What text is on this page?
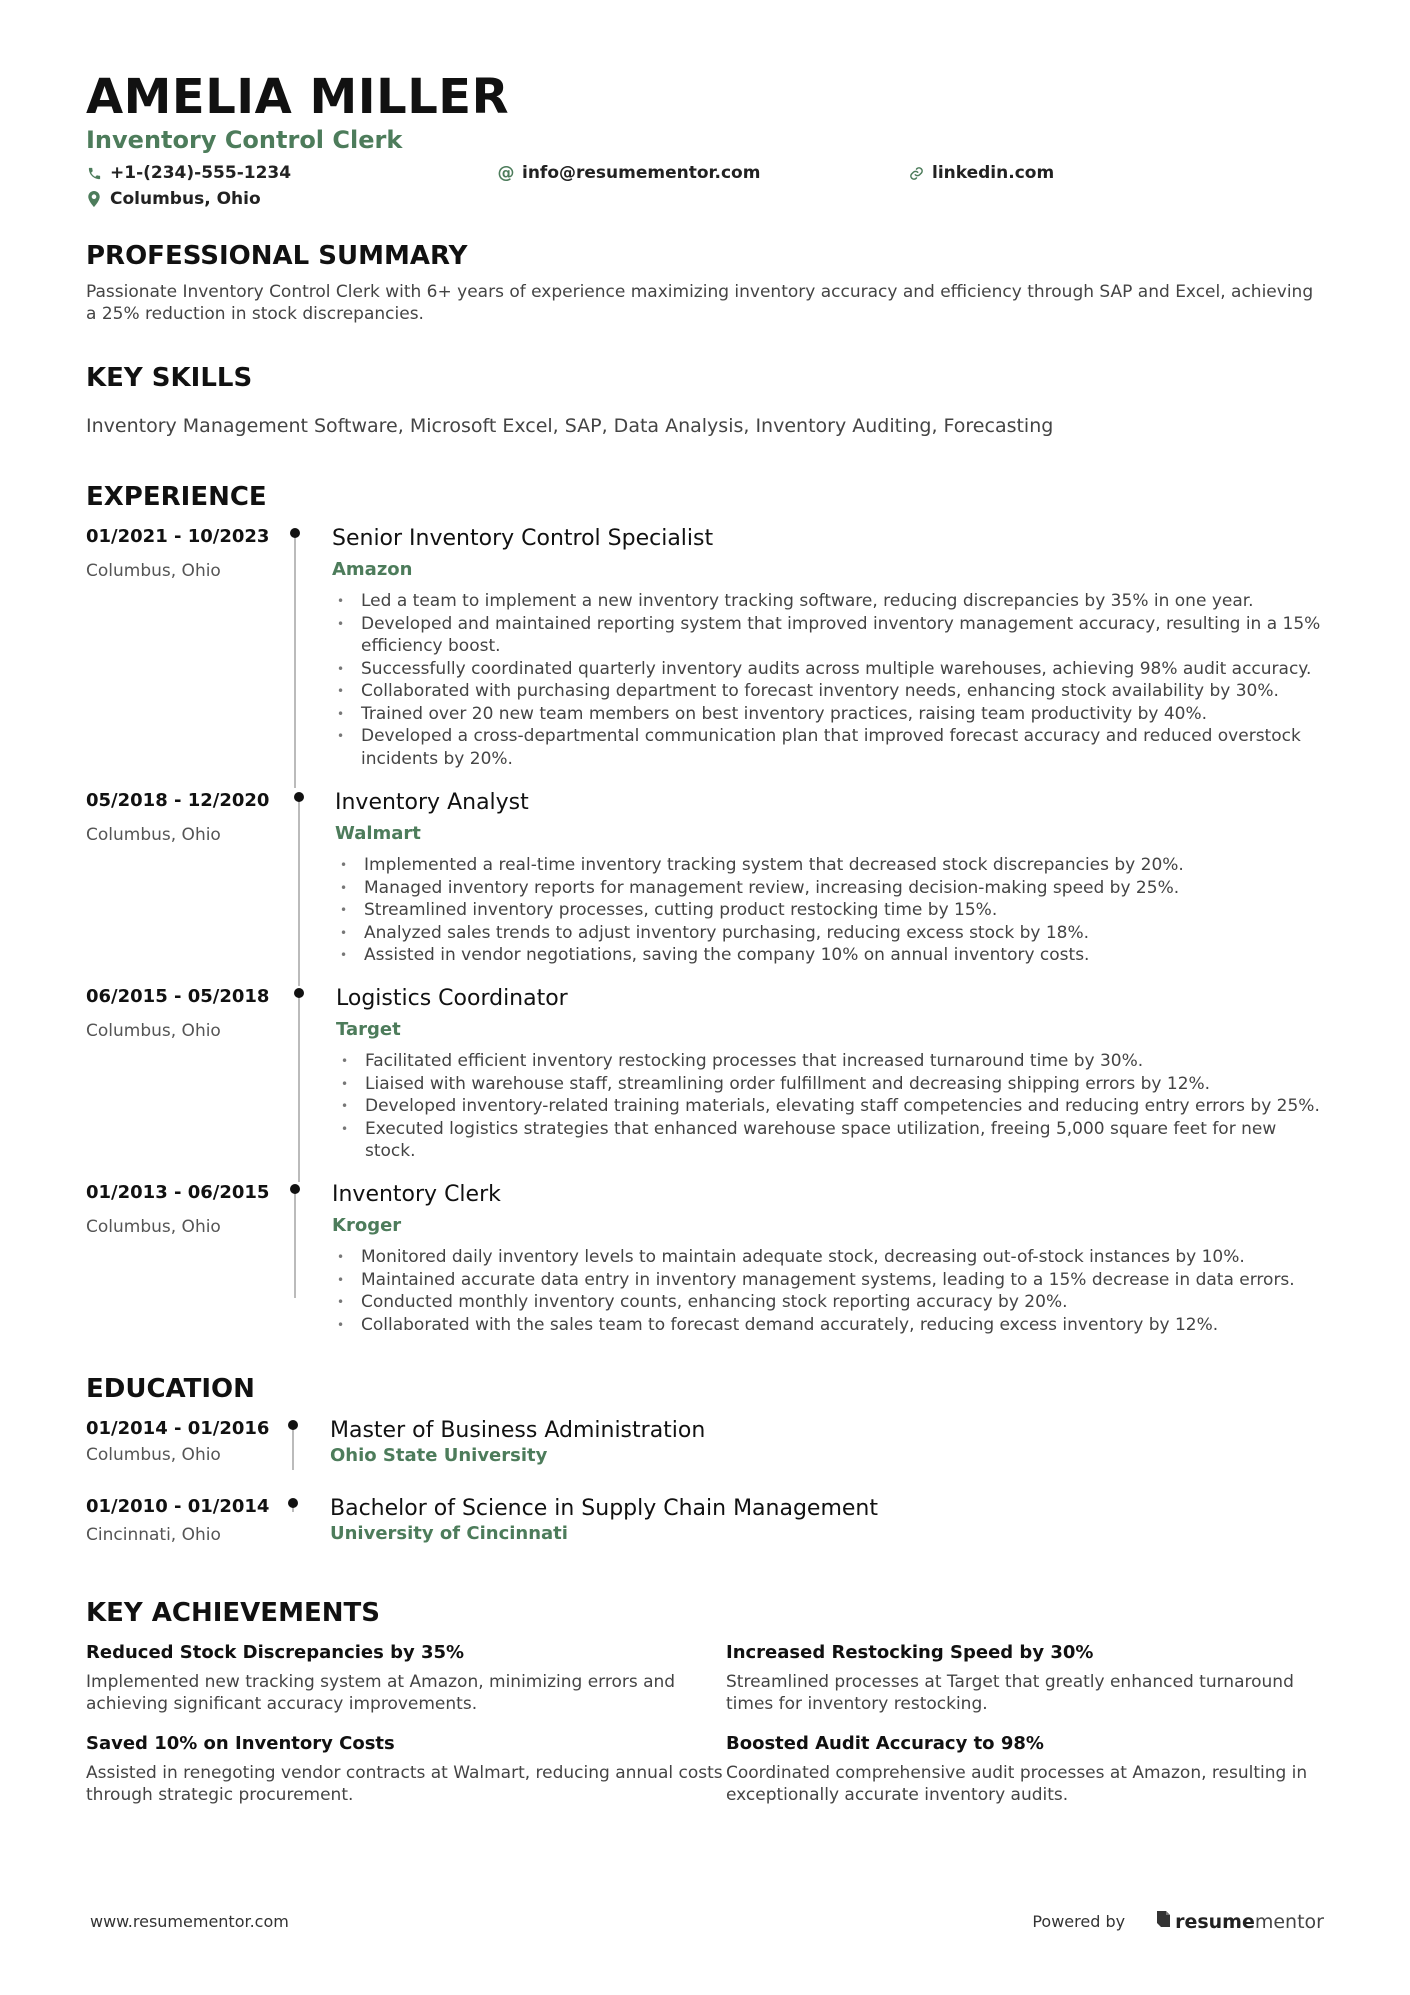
AMELIA MILLER
Inventory Control Clerk
+1-(234)-555-1234	@ info@resumementor.com	linkedin.com
Columbus, Ohio
PROFESSIONAL SUMMARY
Passionate Inventory Control Clerk with 6+ years of experience maximizing inventory accuracy and efficiency through SAP and Excel, achieving a 25% reduction in stock discrepancies.
KEY SKILLS
Inventory Management Software, Microsoft Excel, SAP, Data Analysis, Inventory Auditing, Forecasting
EXPERIENCE
01/2021 - 10/2023
Columbus, Ohio
Senior Inventory Control Specialist
Amazon
• Led a team to implement a new inventory tracking software, reducing discrepancies by 35% in one year.
• Developed and maintained reporting system that improved inventory management accuracy, resulting in a 15% efficiency boost.
• Successfully coordinated quarterly inventory audits across multiple warehouses, achieving 98% audit accuracy.
• Collaborated with purchasing department to forecast inventory needs, enhancing stock availability by 30%.
• Trained over 20 new team members on best inventory practices, raising team productivity by 40%.
• Developed a cross-departmental communication plan that improved forecast accuracy and reduced overstock incidents by 20%.
05/2018 - 12/2020
Columbus, Ohio
Inventory Analyst
Walmart
• Implemented a real-time inventory tracking system that decreased stock discrepancies by 20%.
• Managed inventory reports for management review, increasing decision-making speed by 25%.
• Streamlined inventory processes, cutting product restocking time by 15%.
• Analyzed sales trends to adjust inventory purchasing, reducing excess stock by 18%.
• Assisted in vendor negotiations, saving the company 10% on annual inventory costs.
06/2015 - 05/2018
Columbus, Ohio
Logistics Coordinator
Target
• Facilitated efficient inventory restocking processes that increased turnaround time by 30%.
• Liaised with warehouse staff, streamlining order fulfillment and decreasing shipping errors by 12%.
• Developed inventory-related training materials, elevating staff competencies and reducing entry errors by 25%.
• Executed logistics strategies that enhanced warehouse space utilization, freeing 5,000 square feet for new stock.
01/2013 - 06/2015
Columbus, Ohio
Inventory Clerk
Kroger
• Monitored daily inventory levels to maintain adequate stock, decreasing out-of-stock instances by 10%.
• Maintained accurate data entry in inventory management systems, leading to a 15% decrease in data errors.
• Conducted monthly inventory counts, enhancing stock reporting accuracy by 20%.
• Collaborated with the sales team to forecast demand accurately, reducing excess inventory by 12%.
EDUCATION
01/2014 - 01/2016
Columbus, Ohio
Master of Business Administration
Ohio State University
01/2010 - 01/2014
Cincinnati, Ohio
Bachelor of Science in Supply Chain Management
University of Cincinnati
KEY ACHIEVEMENTS
Reduced Stock Discrepancies by 35%
Implemented new tracking system at Amazon, minimizing errors and achieving significant accuracy improvements.
Increased Restocking Speed by 30%
Streamlined processes at Target that greatly enhanced turnaround times for inventory restocking.
Saved 10% on Inventory Costs
Assisted in renegoting vendor contracts at Walmart, reducing annual costs through strategic procurement.
Boosted Audit Accuracy to 98%
Coordinated comprehensive audit processes at Amazon, resulting in exceptionally accurate inventory audits.
www.resumementor.com	Powered by	resume mentor
